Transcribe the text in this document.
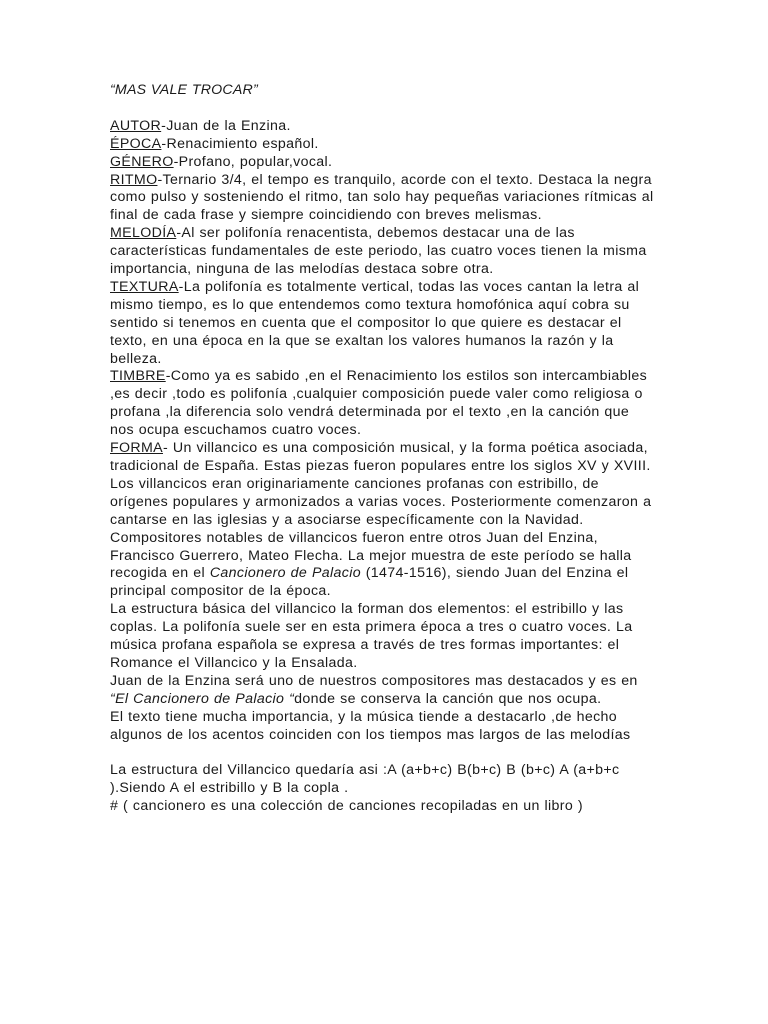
“MAS VALE TROCAR”

AUTOR-Juan de la Enzina.

ÉPOCA-Renacimiento español.

GÉNERO-Profano, popular,vocal.

RITMO-Ternario 3/4, el tempo es tranquilo, acorde con el texto. Destaca la negra como pulso y sosteniendo el ritmo, tan solo hay pequeñas variaciones rítmicas al final de cada frase y siempre coincidiendo con breves melismas.

MELODÍA-Al ser polifonía renacentista, debemos destacar una de las características fundamentales de este periodo, las cuatro voces tienen la misma importancia, ninguna de las melodías destaca sobre otra.

TEXTURA-La polifonía es totalmente vertical, todas las voces cantan la letra al mismo tiempo, es lo que entendemos como textura homofónica aquí cobra su sentido si tenemos en cuenta que el compositor lo que quiere es destacar el texto, en una época en la que se exaltan los valores humanos la razón y la belleza.

TIMBRE-Como ya es sabido ,en el Renacimiento los estilos son intercambiables ,es decir ,todo es polifonía ,cualquier composición puede valer como religiosa o profana ,la diferencia solo vendrá determinada por el texto ,en la canción que nos ocupa escuchamos cuatro voces.

FORMA- Un villancico es una composición musical, y la forma poética asociada, tradicional de España. Estas piezas fueron populares entre los siglos XV y XVIII. Los villancicos eran originariamente canciones profanas con estribillo, de orígenes populares y armonizados a varias voces. Posteriormente comenzaron a cantarse en las iglesias y a asociarse específicamente con la Navidad. Compositores notables de villancicos fueron entre otros Juan del Enzina, Francisco Guerrero, Mateo Flecha. La mejor muestra de este período se halla recogida en el Cancionero de Palacio (1474-1516), siendo Juan del Enzina el principal compositor de la época.

La estructura básica del villancico la forman dos elementos: el estribillo y las coplas. La polifonía suele ser en esta primera época a tres o cuatro voces. La música profana española se expresa a través de tres formas importantes: el Romance el Villancico y la Ensalada.

Juan de la Enzina será uno de nuestros compositores mas destacados y es en “El Cancionero de Palacio “donde se conserva la canción que nos ocupa.

El texto tiene mucha importancia, y la música tiende a destacarlo ,de hecho algunos de los acentos coinciden con los tiempos mas largos de las melodías

La estructura del Villancico quedaría asi :A (a+b+c) B(b+c) B (b+c) A (a+b+c ).Siendo A el estribillo y B la copla .

# ( cancionero es una colección de canciones recopiladas en un libro )
